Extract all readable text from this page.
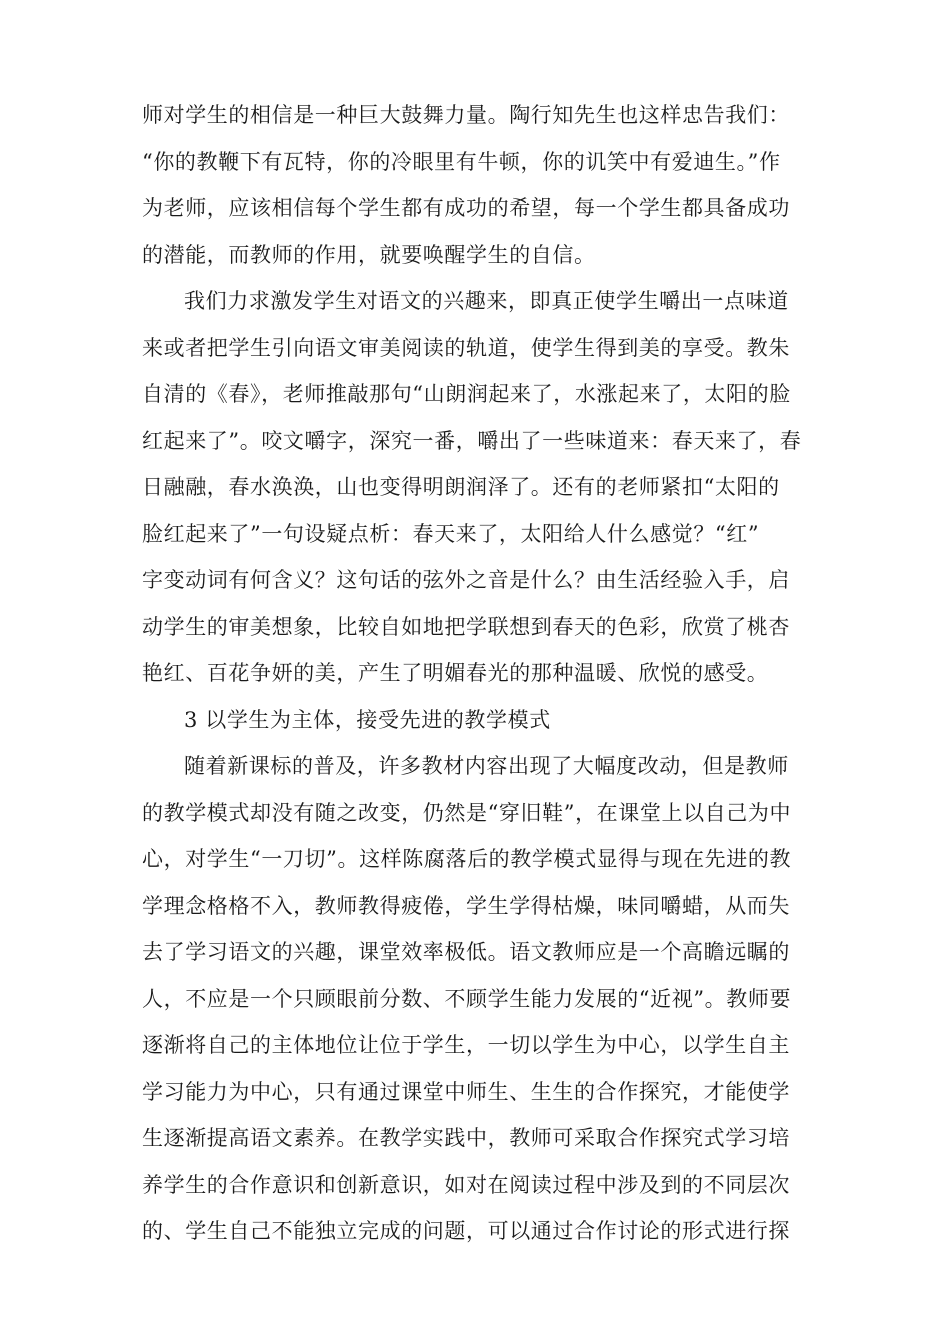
师对学生的相信是一种巨大鼓舞力量。陶行知先生也这样忠告我们：
“你的教鞭下有瓦特，你的冷眼里有牛顿，你的讥笑中有爱迪生。”作
为老师，应该相信每个学生都有成功的希望，每一个学生都具备成功
的潜能，而教师的作用，就要唤醒学生的自信。
我们力求激发学生对语文的兴趣来，即真正使学生嚼出一点味道
来或者把学生引向语文审美阅读的轨道，使学生得到美的享受。教朱
自清的《春》，老师推敲那句“山朗润起来了，水涨起来了，太阳的脸
红起来了”。咬文嚼字，深究一番，嚼出了一些味道来：春天来了，春
日融融，春水涣涣，山也变得明朗润泽了。还有的老师紧扣“太阳的
脸红起来了”一句设疑点析：春天来了，太阳给人什么感觉？“红”
字变动词有何含义？这句话的弦外之音是什么？由生活经验入手，启
动学生的审美想象，比较自如地把学联想到春天的色彩，欣赏了桃杏
艳红、百花争妍的美，产生了明媚春光的那种温暖、欣悦的感受。
3 以学生为主体，接受先进的教学模式
随着新课标的普及，许多教材内容出现了大幅度改动，但是教师
的教学模式却没有随之改变，仍然是“穿旧鞋”，在课堂上以自己为中
心，对学生“一刀切”。这样陈腐落后的教学模式显得与现在先进的教
学理念格格不入，教师教得疲倦，学生学得枯燥，味同嚼蜡，从而失
去了学习语文的兴趣，课堂效率极低。语文教师应是一个高瞻远瞩的
人，不应是一个只顾眼前分数、不顾学生能力发展的“近视”。教师要
逐渐将自己的主体地位让位于学生，一切以学生为中心，以学生自主
学习能力为中心，只有通过课堂中师生、生生的合作探究，才能使学
生逐渐提高语文素养。在教学实践中，教师可采取合作探究式学习培
养学生的合作意识和创新意识，如对在阅读过程中涉及到的不同层次
的、学生自己不能独立完成的问题，可以通过合作讨论的形式进行探
